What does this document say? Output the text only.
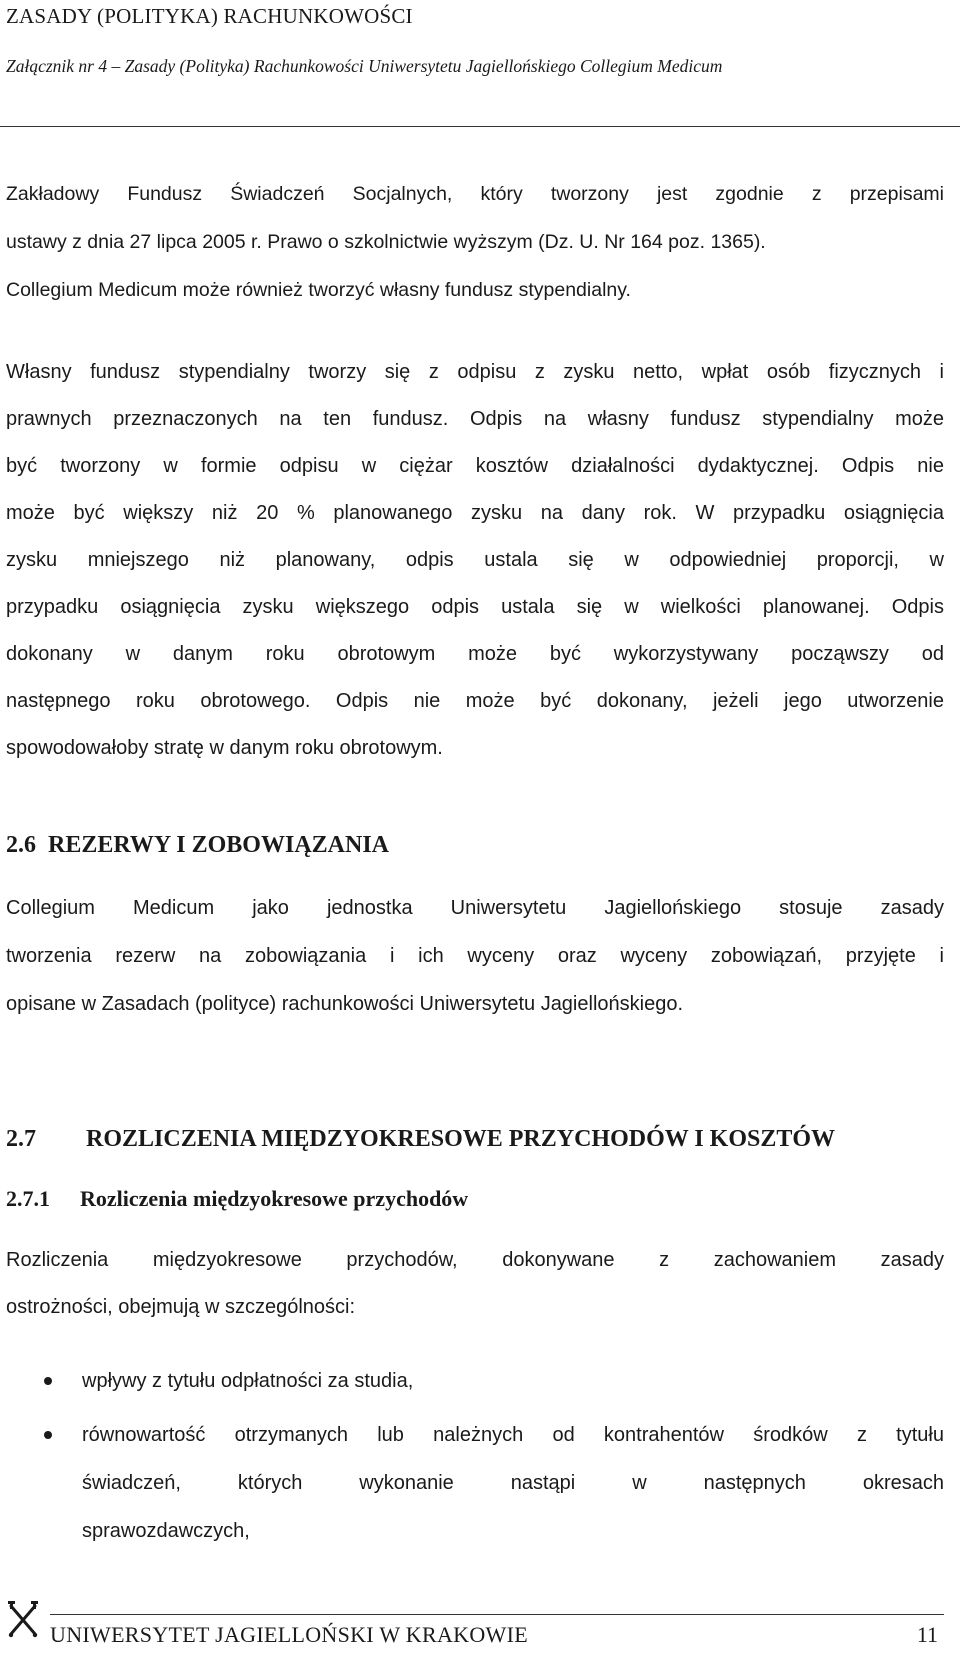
ZASADY (POLITYKA) RACHUNKOWOŚCI
Załącznik nr 4 – Zasady (Polityka) Rachunkowości Uniwersytetu Jagiellońskiego Collegium Medicum
Zakładowy Fundusz Świadczeń Socjalnych, który tworzony jest zgodnie z przepisami
ustawy z dnia 27 lipca 2005 r. Prawo o szkolnictwie wyższym (Dz. U. Nr 164 poz. 1365).
Collegium Medicum może również tworzyć własny fundusz stypendialny.
Własny fundusz stypendialny tworzy się z odpisu z zysku netto, wpłat osób fizycznych i
prawnych przeznaczonych na ten fundusz. Odpis na własny fundusz stypendialny może
być tworzony w formie odpisu w ciężar kosztów działalności dydaktycznej. Odpis nie
może być większy niż 20 % planowanego zysku na dany rok. W przypadku osiągnięcia
zysku mniejszego niż planowany, odpis ustala się w odpowiedniej proporcji, w
przypadku osiągnięcia zysku większego odpis ustala się w wielkości planowanej. Odpis
dokonany w danym roku obrotowym może być wykorzystywany począwszy od
następnego roku obrotowego. Odpis nie może być dokonany, jeżeli jego utworzenie
spowodowałoby stratę w danym roku obrotowym.
2.6 REZERWY I ZOBOWIĄZANIA
Collegium Medicum jako jednostka Uniwersytetu Jagiellońskiego stosuje zasady
tworzenia rezerw na zobowiązania i ich wyceny oraz wyceny zobowiązań, przyjęte i
opisane w Zasadach (polityce) rachunkowości Uniwersytetu Jagiellońskiego.
2.7 ROZLICZENIA MIĘDZYOKRESOWE PRZYCHODÓW I KOSZTÓW
2.7.1 Rozliczenia międzyokresowe przychodów
Rozliczenia międzyokresowe przychodów, dokonywane z zachowaniem zasady
ostrożności, obejmują w szczególności:
wpływy z tytułu odpłatności za studia,
równowartość otrzymanych lub należnych od kontrahentów środków z tytułu
świadczeń, których wykonanie nastąpi w następnych okresach
sprawozdawczych,
UNIWERSYTET JAGIELLOŃSKI W KRAKOWIE	11
